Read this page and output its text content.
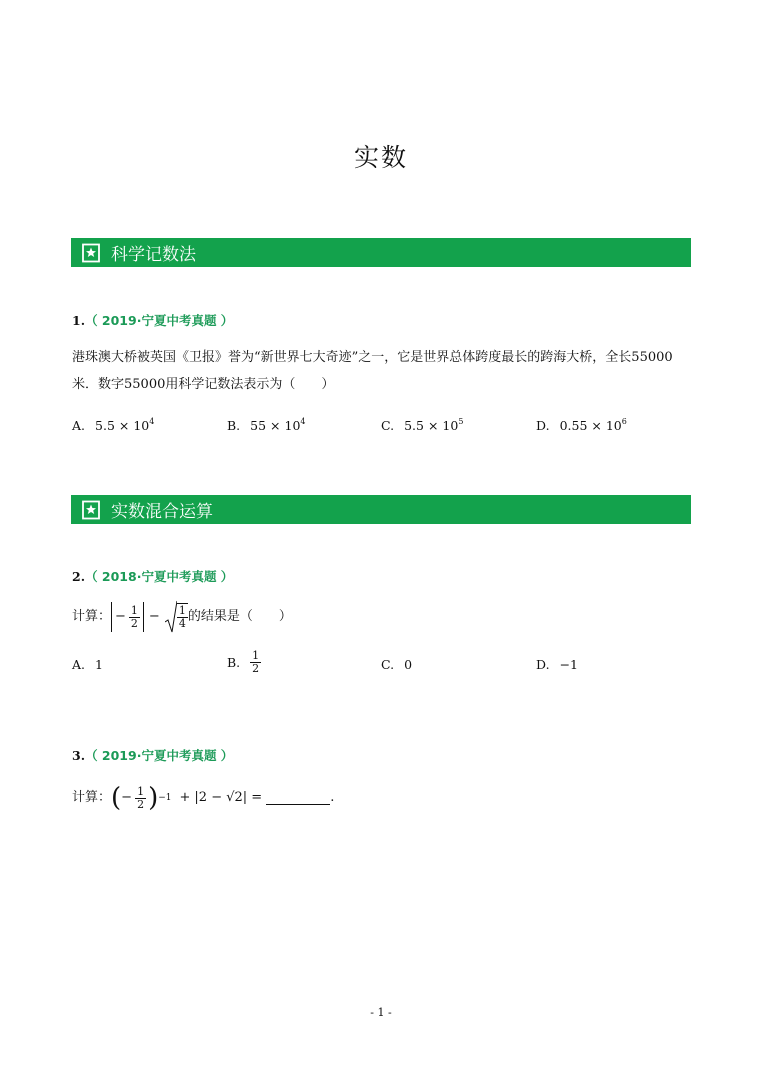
实数
科学记数法
1.（ 2019·宁夏中考真题 ）
港珠澳大桥被英国《卫报》誉为“新世界七大奇迹”之一，它是世界总体跨度最长的跨海大桥，全长55000
米．数字55000用科学记数法表示为（　　）
A. $5.5 \times 10^4$	B. $55 \times 10^4$	C. $5.5 \times 10^5$	D. $0.55 \times 10^6$
实数混合运算
2.（ 2018·宁夏中考真题 ）
计算： − $\frac{1}{2} - \frac{1}{4}$ 的结果是（　　）
A. 1	B. $\frac{1}{2}$	C. 0	D. −1
3.（ 2019·宁夏中考真题 ）
计算： ( − $\frac{1}{2}$ ) −1 + |2 − √2| =	.
- 1 -
